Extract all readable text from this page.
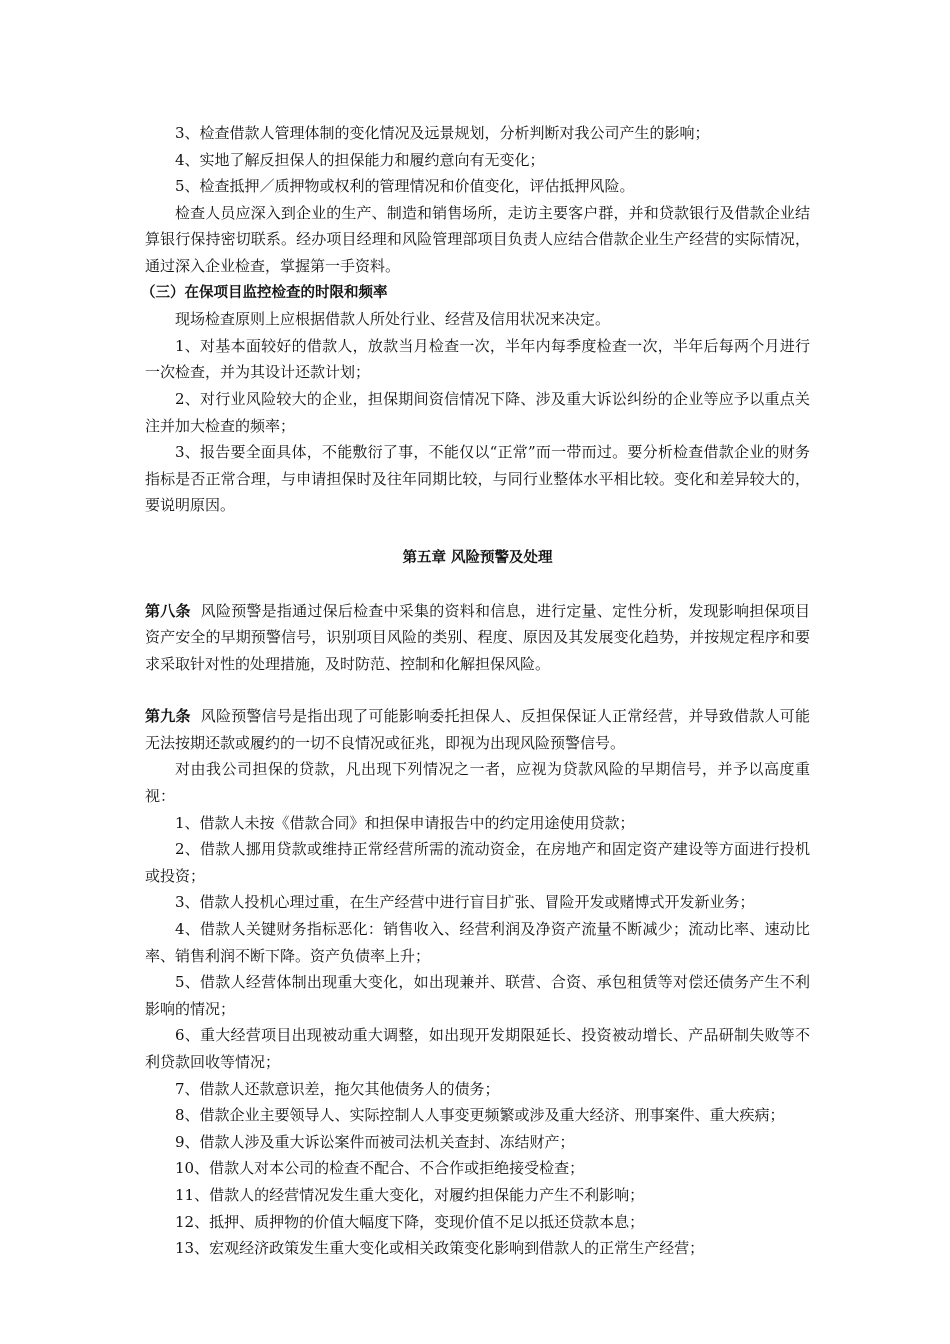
3、检查借款人管理体制的变化情况及远景规划，分析判断对我公司产生的影响；

4、实地了解反担保人的担保能力和履约意向有无变化；

5、检查抵押／质押物或权利的管理情况和价值变化，评估抵押风险。

检查人员应深入到企业的生产、制造和销售场所，走访主要客户群，并和贷款银行及借款企业结算银行保持密切联系。经办项目经理和风险管理部项目负责人应结合借款企业生产经营的实际情况，通过深入企业检查，掌握第一手资料。

（三）在保项目监控检查的时限和频率

现场检查原则上应根据借款人所处行业、经营及信用状况来决定。

1、对基本面较好的借款人，放款当月检查一次，半年内每季度检查一次，半年后每两个月进行一次检查，并为其设计还款计划；

2、对行业风险较大的企业，担保期间资信情况下降、涉及重大诉讼纠纷的企业等应予以重点关注并加大检查的频率；

3、报告要全面具体，不能敷衍了事，不能仅以“正常”而一带而过。要分析检查借款企业的财务指标是否正常合理，与申请担保时及往年同期比较，与同行业整体水平相比较。变化和差异较大的，要说明原因。

第五章 风险预警及处理

第八条 风险预警是指通过保后检查中采集的资料和信息，进行定量、定性分析，发现影响担保项目资产安全的早期预警信号，识别项目风险的类别、程度、原因及其发展变化趋势，并按规定程序和要求采取针对性的处理措施，及时防范、控制和化解担保风险。

第九条 风险预警信号是指出现了可能影响委托担保人、反担保保证人正常经营，并导致借款人可能无法按期还款或履约的一切不良情况或征兆，即视为出现风险预警信号。

对由我公司担保的贷款，凡出现下列情况之一者，应视为贷款风险的早期信号，并予以高度重视：

1、借款人未按《借款合同》和担保申请报告中的约定用途使用贷款；

2、借款人挪用贷款或维持正常经营所需的流动资金，在房地产和固定资产建设等方面进行投机或投资；

3、借款人投机心理过重，在生产经营中进行盲目扩张、冒险开发或赌博式开发新业务；

4、借款人关键财务指标恶化：销售收入、经营利润及净资产流量不断减少；流动比率、速动比率、销售利润不断下降。资产负债率上升；

5、借款人经营体制出现重大变化，如出现兼并、联营、合资、承包租赁等对偿还债务产生不利影响的情况；

6、重大经营项目出现被动重大调整，如出现开发期限延长、投资被动增长、产品研制失败等不利贷款回收等情况；

7、借款人还款意识差，拖欠其他债务人的债务；

8、借款企业主要领导人、实际控制人人事变更频繁或涉及重大经济、刑事案件、重大疾病；

9、借款人涉及重大诉讼案件而被司法机关查封、冻结财产；

10、借款人对本公司的检查不配合、不合作或拒绝接受检查；

11、借款人的经营情况发生重大变化，对履约担保能力产生不利影响；

12、抵押、质押物的价值大幅度下降，变现价值不足以抵还贷款本息；

13、宏观经济政策发生重大变化或相关政策变化影响到借款人的正常生产经营；
